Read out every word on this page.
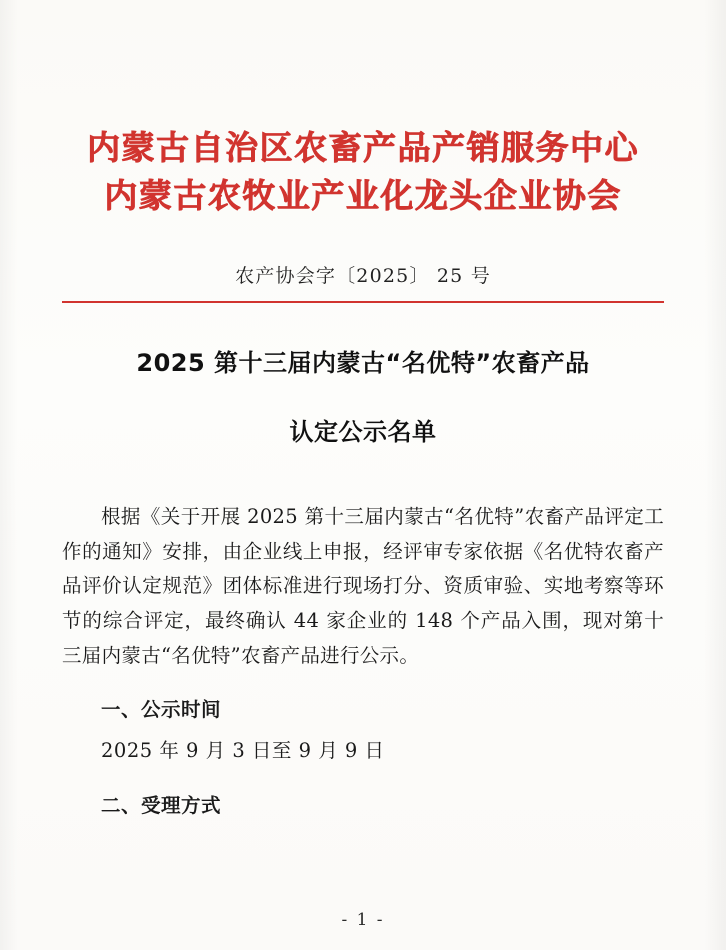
内蒙古自治区农畜产品产销服务中心
内蒙古农牧业产业化龙头企业协会
农产协会字〔2025〕 25 号
2025 第十三届内蒙古“名优特”农畜产品
认定公示名单
根据《关于开展 2025 第十三届内蒙古“名优特”农畜产品评定工作的通知》安排，由企业线上申报，经评审专家依据《名优特农畜产品评价认定规范》团体标准进行现场打分、资质审验、实地考察等环节的综合评定，最终确认 44 家企业的 148 个产品入围，现对第十三届内蒙古“名优特”农畜产品进行公示。
一、公示时间
2025 年 9 月 3 日至 9 月 9 日
二、受理方式
- 1 -
